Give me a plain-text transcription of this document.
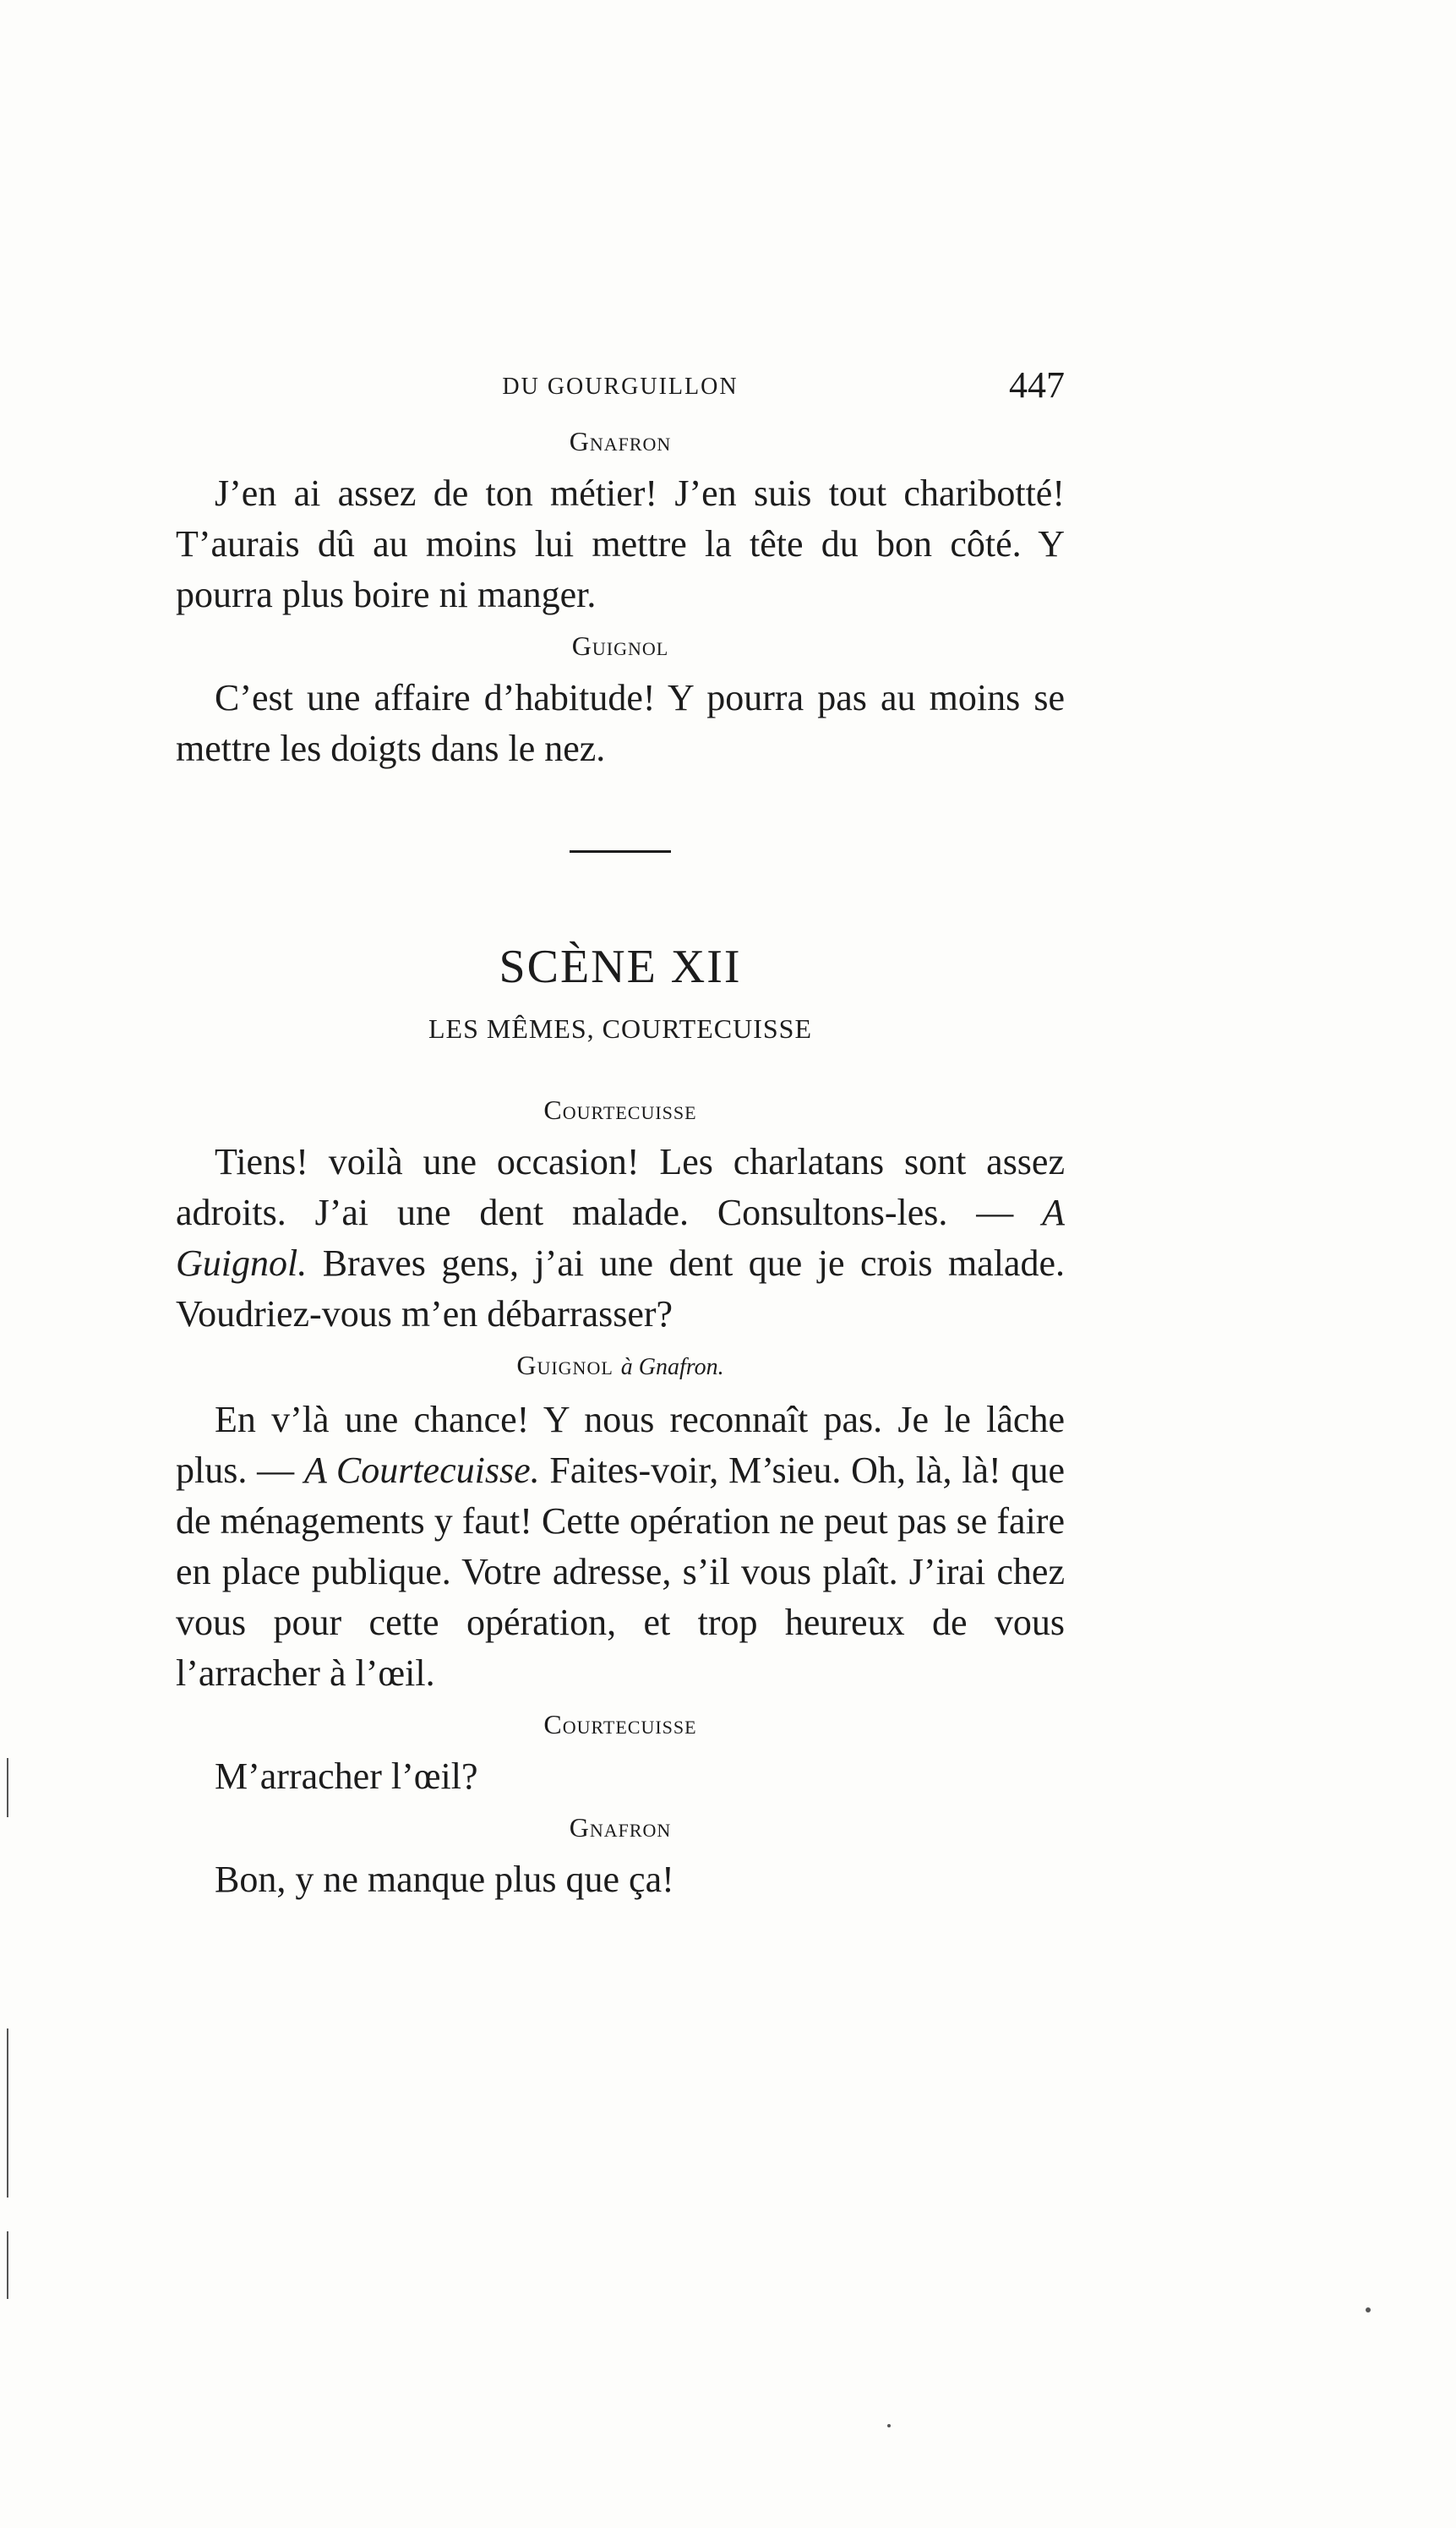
DU GOURGUILLON	447
Gnafron

J’en ai assez de ton métier! J’en suis tout charibotté! T’aurais dû au moins lui mettre la tête du bon côté. Y pourra plus boire ni manger.

Guignol

C’est une affaire d’habitude! Y pourra pas au moins se mettre les doigts dans le nez.

SCÈNE XII
LES MÊMES, COURTECUISSE
Courtecuisse

Tiens! voilà une occasion! Les charlatans sont assez adroits. J’ai une dent malade. Consultons-les. — A Guignol. Braves gens, j’ai une dent que je crois malade. Voudriez-vous m’en débarrasser?

Guignol à Gnafron.

En v’là une chance! Y nous reconnaît pas. Je le lâche plus. — A Courtecuisse. Faites-voir, M’sieu. Oh, là, là! que de ménagements y faut! Cette opération ne peut pas se faire en place publique. Votre adresse, s’il vous plaît. J’irai chez vous pour cette opération, et trop heureux de vous l’arracher à l’œil.

Courtecuisse

M’arracher l’œil?

Gnafron

Bon, y ne manque plus que ça!
